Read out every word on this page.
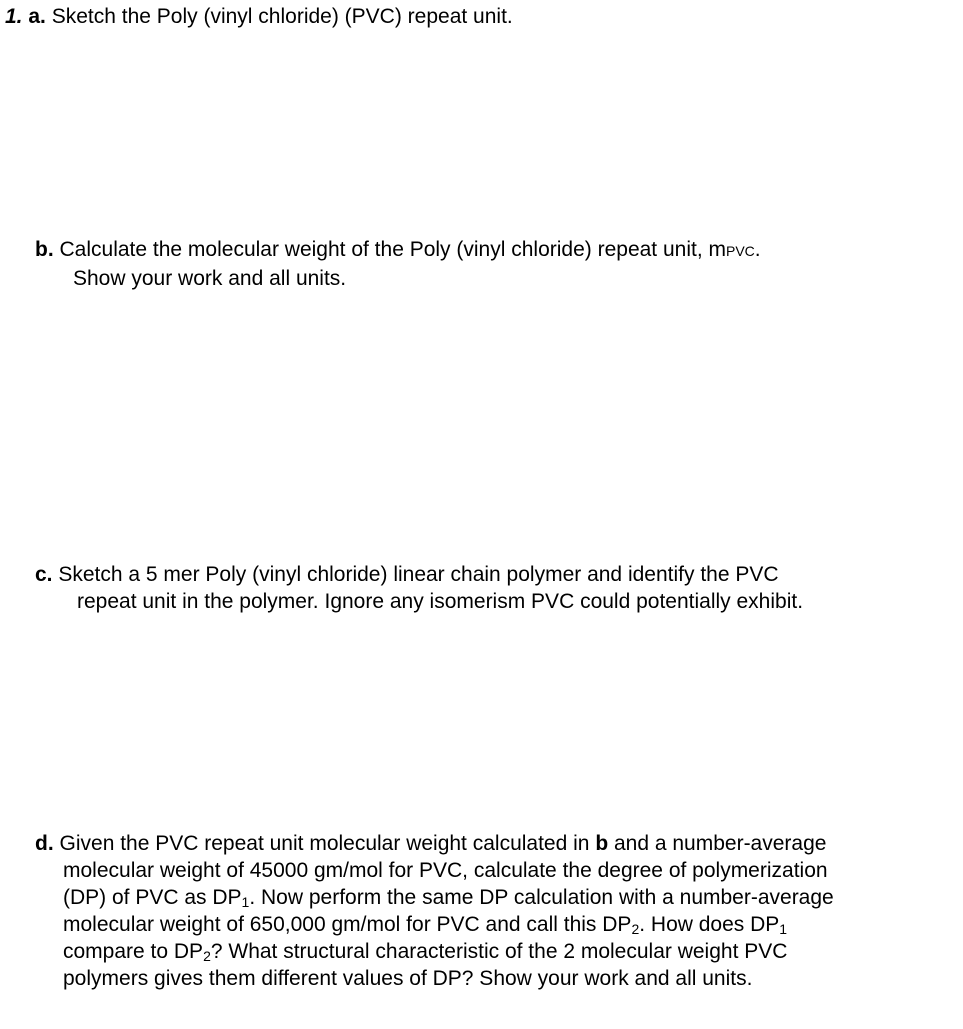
1. a. Sketch the Poly (vinyl chloride) (PVC) repeat unit.

b. Calculate the molecular weight of the Poly (vinyl chloride) repeat unit, mPVC.
Show your work and all units.

c. Sketch a 5 mer Poly (vinyl chloride) linear chain polymer and identify the PVC
repeat unit in the polymer. Ignore any isomerism PVC could potentially exhibit.

d. Given the PVC repeat unit molecular weight calculated in b and a number-average
molecular weight of 45000 gm/mol for PVC, calculate the degree of polymerization
(DP) of PVC as $DP_1$. Now perform the same DP calculation with a number-average
molecular weight of 650,000 gm/mol for PVC and call this $DP_2$. How does $DP_1$
compare to $DP_2$? What structural characteristic of the 2 molecular weight PVC
polymers gives them different values of DP? Show your work and all units.
